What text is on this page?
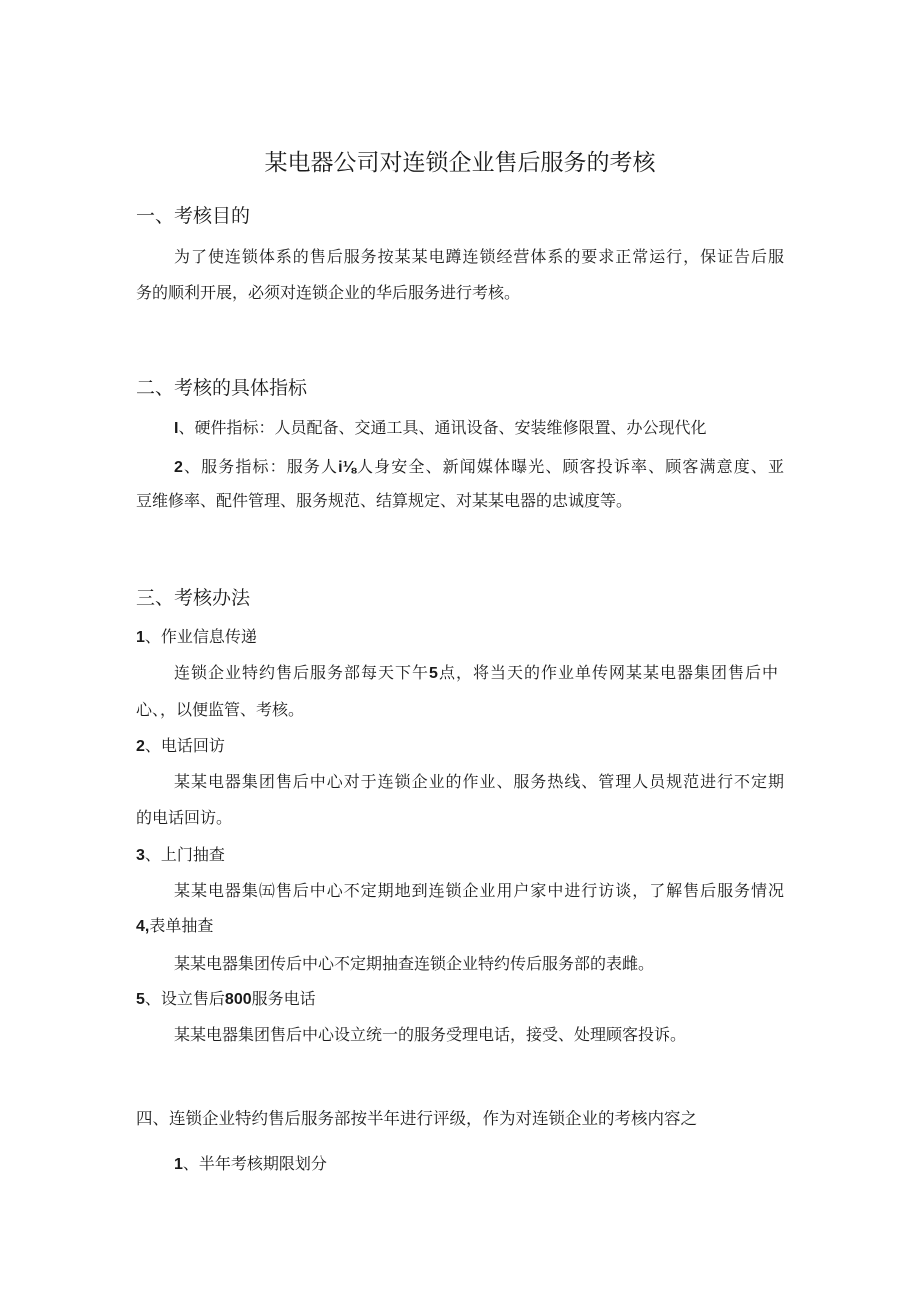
某电器公司对连锁企业售后服务的考核
一、考核目的
为了使连锁体系的售后服务按某某电蹲连锁经营体系的要求正常运行，保证告后服
务的顺利开展，必须对连锁企业的华后服务进行考核。
二、考核的具体指标
I、硬件指标：人员配备、交通工具、通讯设备、安装维修限置、办公现代化
2、服务指标：服务人i⅛人身安全、新闻媒体曝光、顾客投诉率、顾客满意度、亚
豆维修率、配件管理、服务规范、结算规定、对某某电器的忠诚度等。
三、考核办法
1、作业信息传递
连锁企业特约售后服务部每天下午5点，将当天的作业单传网某某电器集团售后中
心、，以便监管、考核。
2、电话回访
某某电器集团售后中心对于连锁企业的作业、服务热线、管理人员规范进行不定期
的电话回访。
3、上门抽查
某某电器集㈤售后中心不定期地到连锁企业用户家中进行访谈，了解售后服务情况
4,表单抽查
某某电器集团传后中心不定期抽查连锁企业特约传后服务部的表雌。
5、设立售后800服务电话
某某电器集团售后中心设立统一的服务受理电话，接受、处理顾客投诉。
四、连锁企业特约售后服务部按半年进行评级，作为对连锁企业的考核内容之
1、半年考核期限划分
